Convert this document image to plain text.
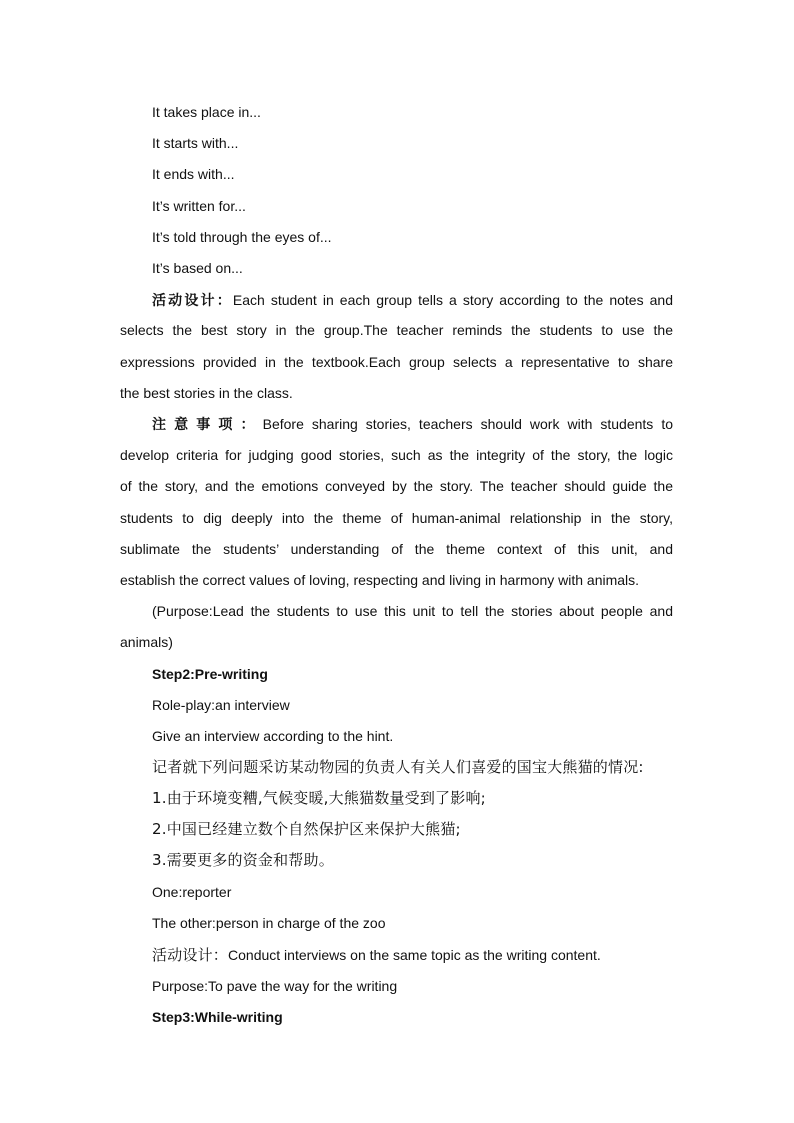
It takes place in...
It starts with...
It ends with...
It’s written for...
It’s told through the eyes of...
It’s based on...
活动设计：Each student in each group tells a story according to the notes and
selects the best story in the group.The teacher reminds the students to use the
expressions provided in the textbook.Each group selects a representative to share
the best stories in the class.
注意事项：Before sharing stories, teachers should work with students to
develop criteria for judging good stories, such as the integrity of the story, the logic
of the story, and the emotions conveyed by the story. The teacher should guide the
students to dig deeply into the theme of human-animal relationship in the story,
sublimate the students’ understanding of the theme context of this unit, and
establish the correct values of loving, respecting and living in harmony with animals.
(Purpose:Lead the students to use this unit to tell the stories about people and
animals)
Step2:Pre-writing
Role-play:an interview
Give an interview according to the hint.
记者就下列问题采访某动物园的负责人有关人们喜爱的国宝大熊猫的情况:
1.由于环境变糟,气候变暖,大熊猫数量受到了影响;
2.中国已经建立数个自然保护区来保护大熊猫;
3.需要更多的资金和帮助。
One:reporter
The other:person in charge of the zoo
活动设计：Conduct interviews on the same topic as the writing content.
Purpose:To pave the way for the writing
Step3:While-writing
